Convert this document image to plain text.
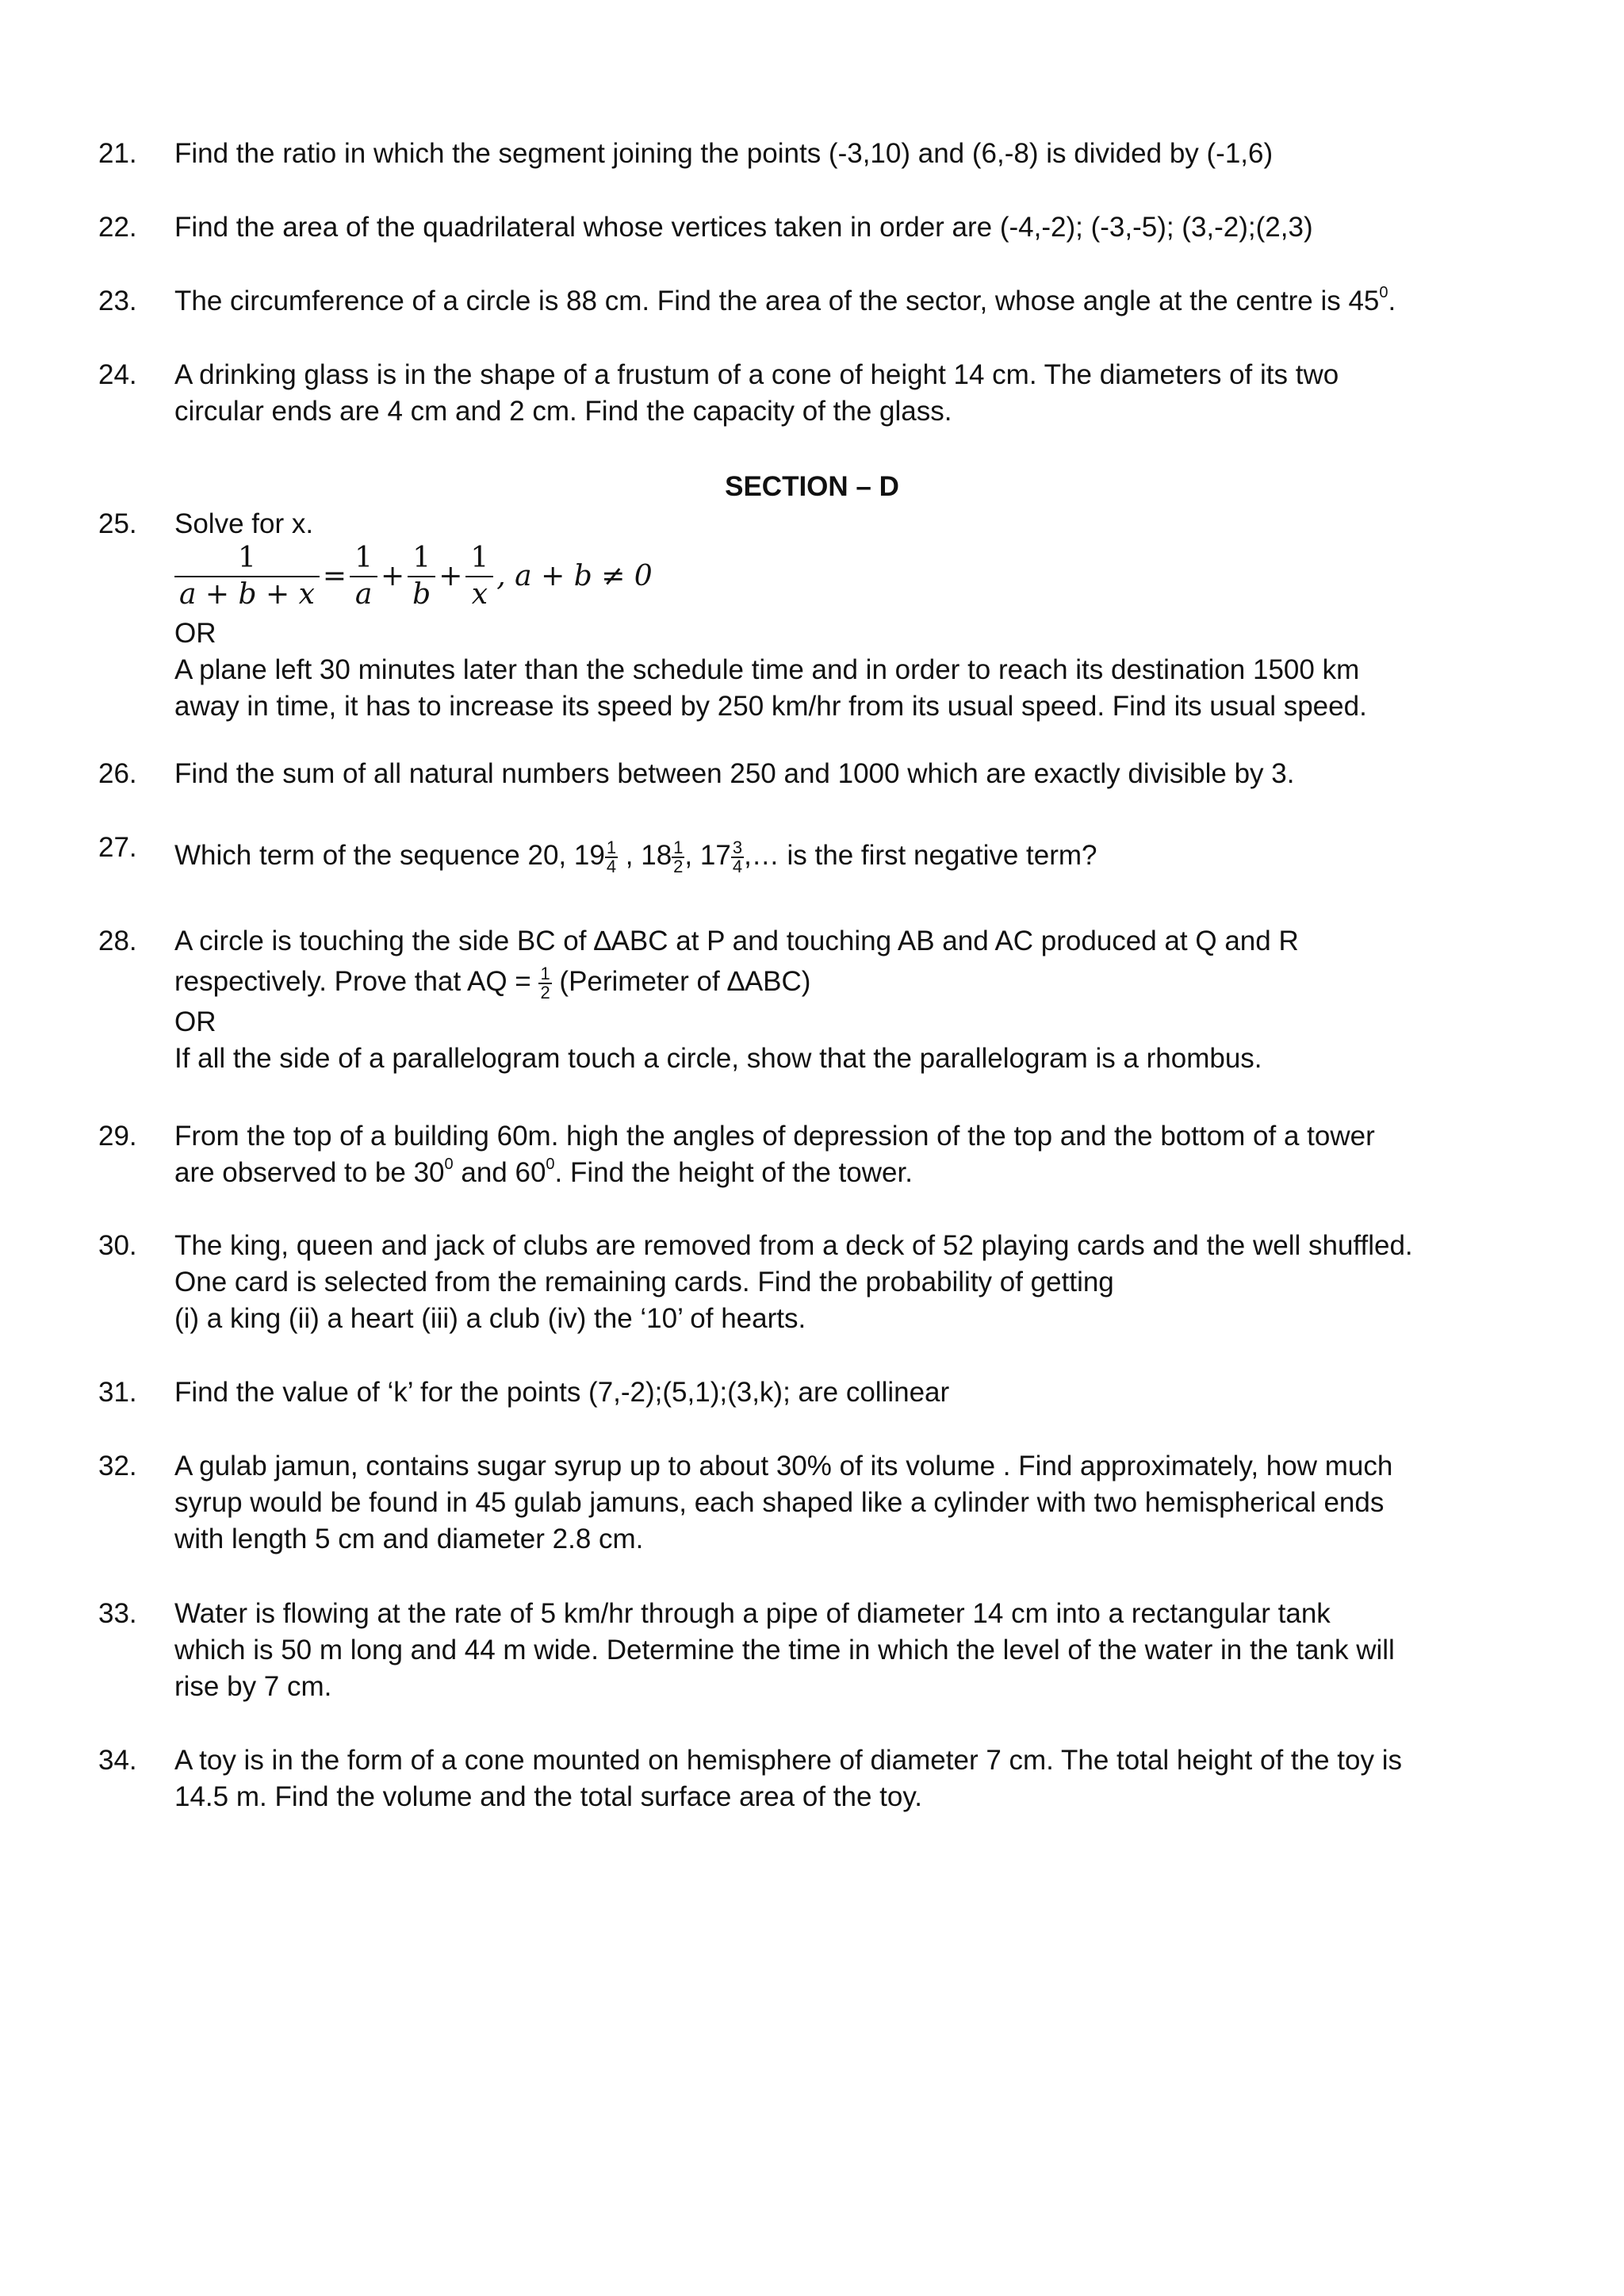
21. Find the ratio in which the segment joining the points (-3,10) and (6,-8) is divided by (-1,6)
22. Find the area of the quadrilateral whose vertices taken in order are (-4,-2); (-3,-5); (3,-2);(2,3)
23. The circumference of a circle is 88 cm. Find the area of the sector, whose angle at the centre is $45^0$.
24. A drinking glass is in the shape of a frustum of a cone of height 14 cm. The diameters of its two
circular ends are 4 cm and 2 cm. Find the capacity of the glass.
SECTION – D
25. Solve for x.
$\frac{1}{a + b + x} = \frac{1}{a} + \frac{1}{b} + \frac{1}{x}$ , a + b ≠ 0
OR
A plane left 30 minutes later than the schedule time and in order to reach its destination 1500 km
away in time, it has to increase its speed by 250 km/hr from its usual speed. Find its usual speed.
26. Find the sum of all natural numbers between 250 and 1000 which are exactly divisible by 3.
27. Which term of the sequence 20, $19 \frac{1}{4}$ , $18 \frac{1}{2}$ , $17 \frac{3}{4}$ ,… is the first negative term?
28. A circle is touching the side BC of ∆ABC at P and touching AB and AC produced at Q and R
respectively. Prove that AQ = $\frac{1}{2}$ (Perimeter of ∆ABC)
OR
If all the side of a parallelogram touch a circle, show that the parallelogram is a rhombus.
29. From the top of a building 60m. high the angles of depression of the top and the bottom of a tower
are observed to be $30^0$ and $60^0$. Find the height of the tower.
30. The king, queen and jack of clubs are removed from a deck of 52 playing cards and the well shuffled.
One card is selected from the remaining cards. Find the probability of getting
(i) a king (ii) a heart (iii) a club (iv) the ‘10’ of hearts.
31. Find the value of ‘k’ for the points (7,-2);(5,1);(3,k); are collinear
32. A gulab jamun, contains sugar syrup up to about 30% of its volume . Find approximately, how much
syrup would be found in 45 gulab jamuns, each shaped like a cylinder with two hemispherical ends
with length 5 cm and diameter 2.8 cm.
33. Water is flowing at the rate of 5 km/hr through a pipe of diameter 14 cm into a rectangular tank
which is 50 m long and 44 m wide. Determine the time in which the level of the water in the tank will
rise by 7 cm.
34. A toy is in the form of a cone mounted on hemisphere of diameter 7 cm. The total height of the toy is
14.5 m. Find the volume and the total surface area of the toy.
